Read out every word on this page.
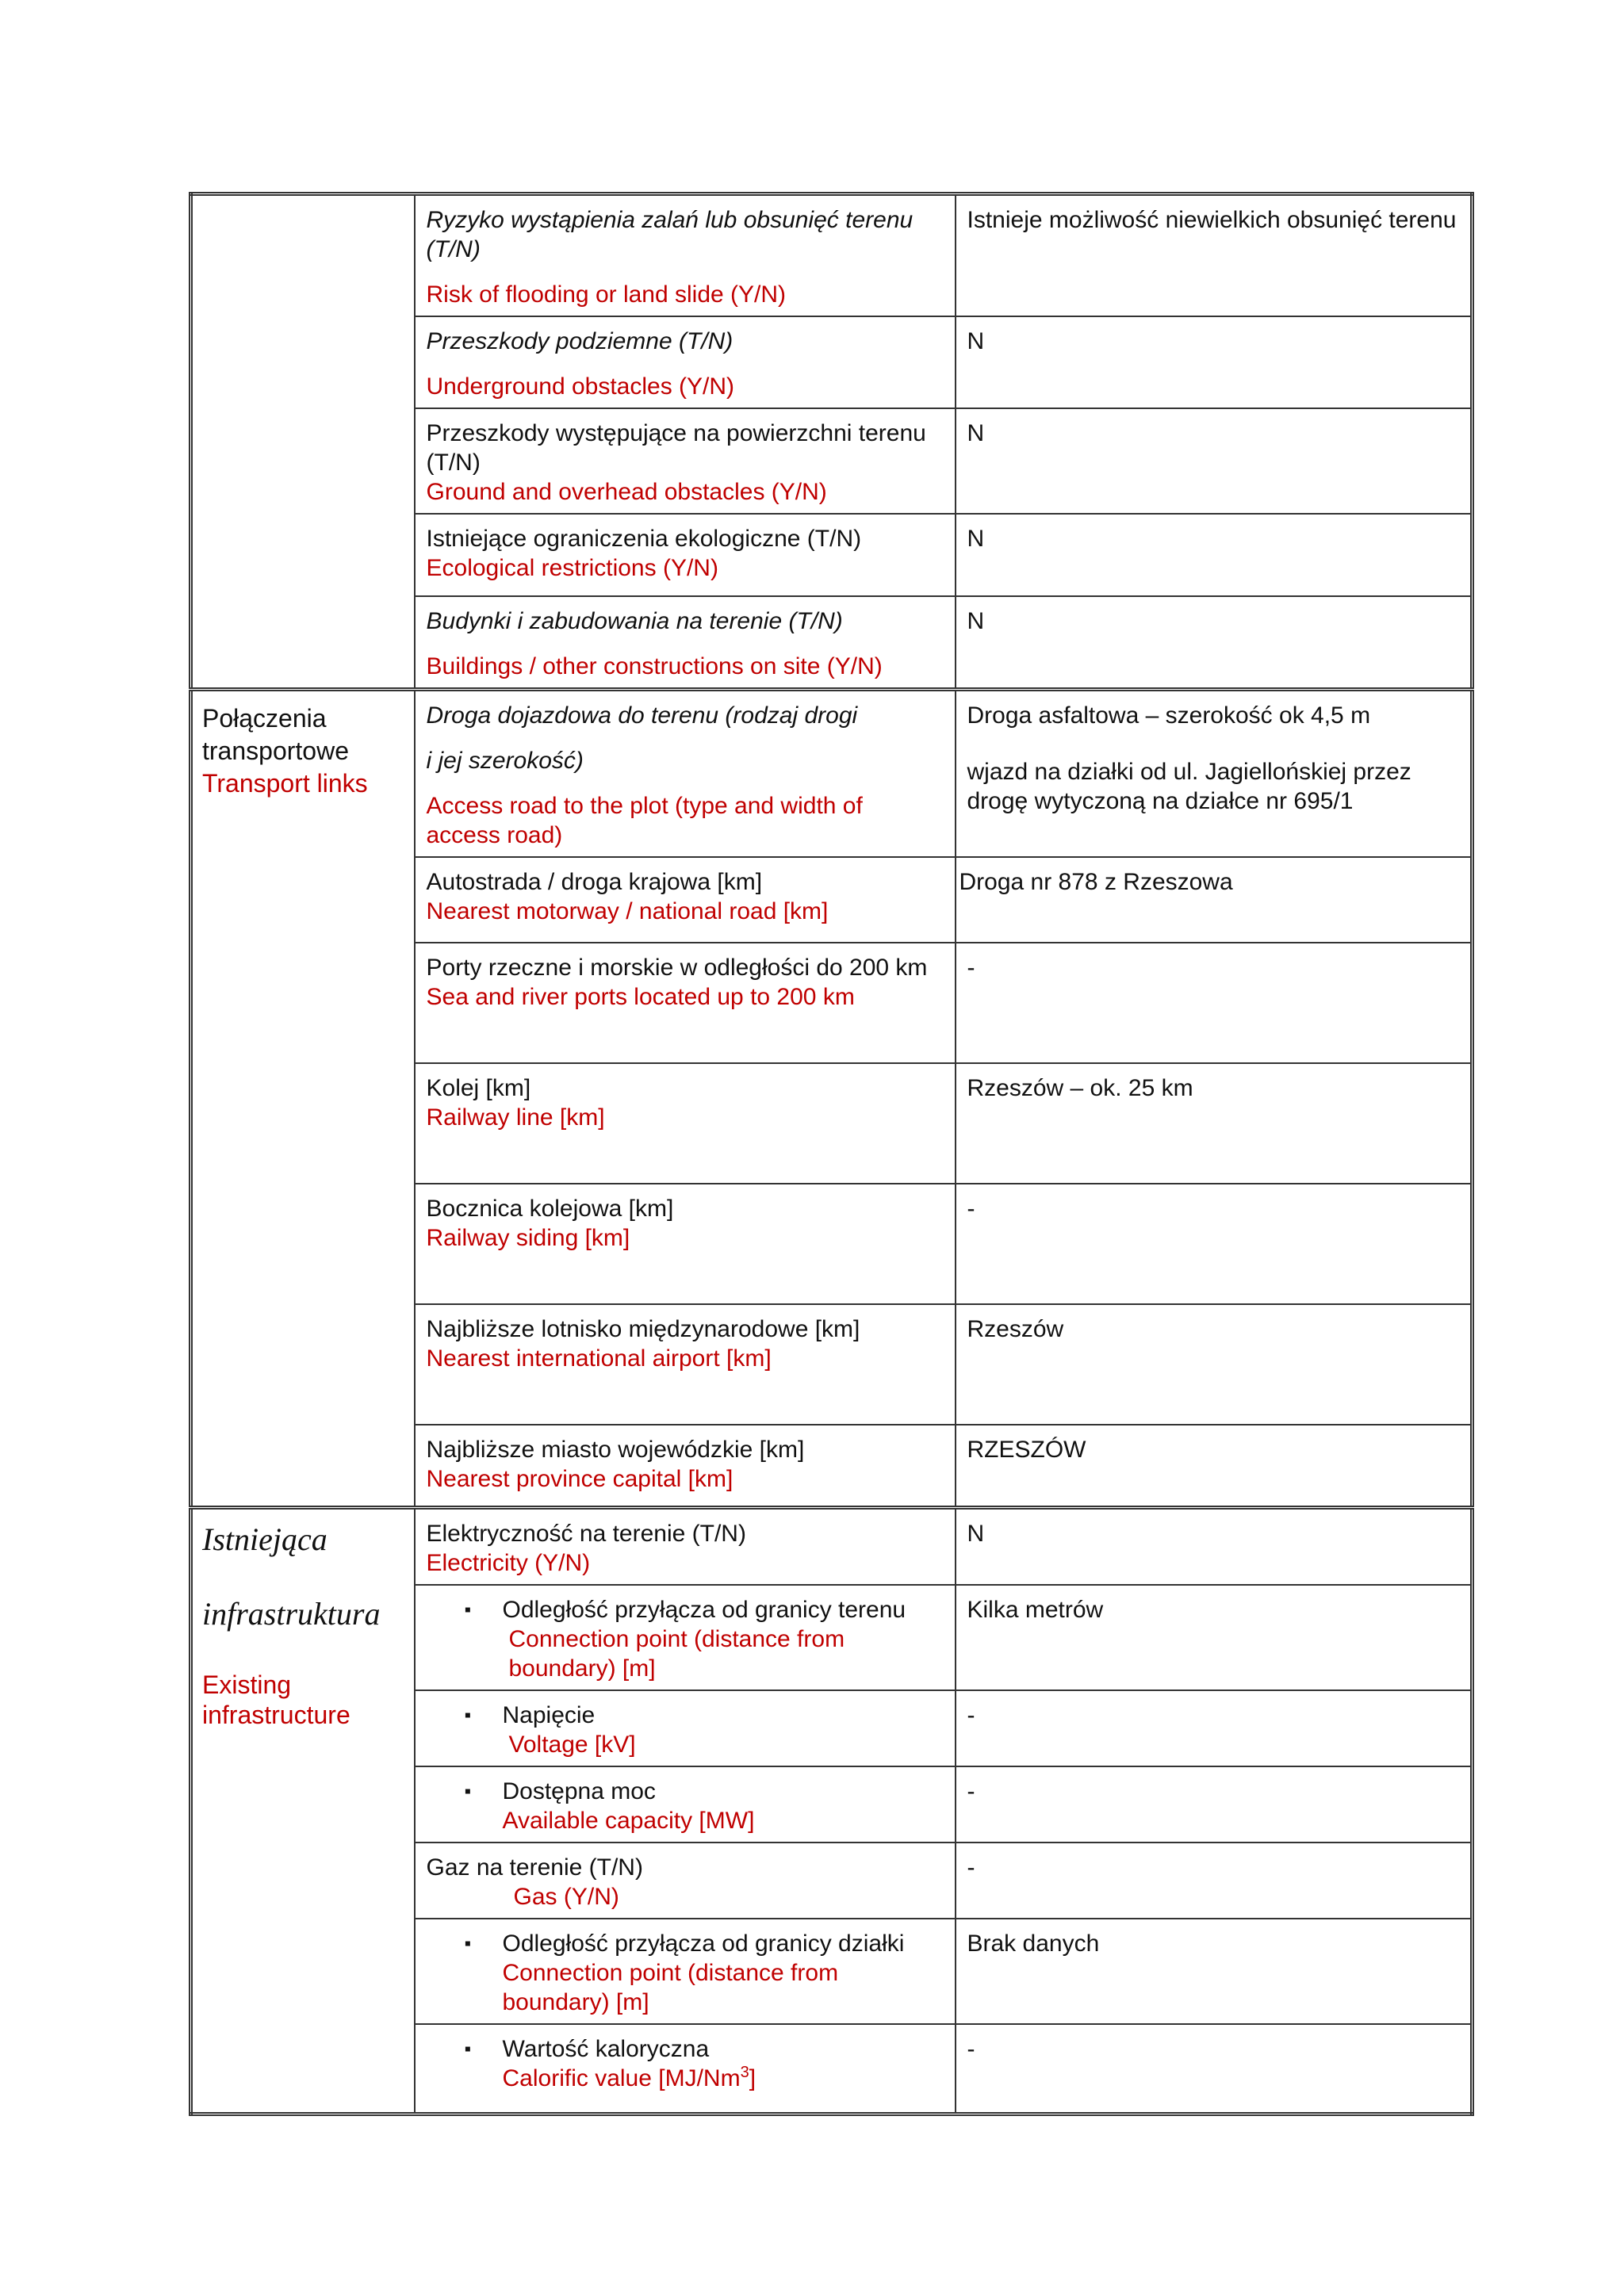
	Ryzyko wystąpienia zalań lub obsunięć terenu (T/N)
Risk of flooding or land slide (Y/N)	Istnieje możliwość niewielkich obsunięć terenu

	Przeszkody podziemne (T/N)
Underground obstacles (Y/N)	N

	Przeszkody występujące na powierzchni terenu (T/N)
Ground and overhead obstacles (Y/N)	N

	Istniejące ograniczenia ekologiczne (T/N)
Ecological restrictions (Y/N)	N

	Budynki i zabudowania na terenie (T/N)
Buildings / other constructions on site (Y/N)	N

Połączenia transportowe
Transport links	Droga dojazdowa do terenu (rodzaj drogi
i jej szerokość)
Access road to the plot (type and width of access road)	Droga asfaltowa – szerokość ok 4,5 m
wjazd na działki od ul. Jagiellońskiej przez drogę wytyczoną na działce nr 695/1

	Autostrada / droga krajowa [km]
Nearest motorway / national road [km]	Droga nr 878 z Rzeszowa

	Porty rzeczne i morskie w odległości do 200 km
Sea and river ports located up to 200 km	-

	Kolej [km]
Railway line [km]	Rzeszów – ok. 25 km

	Bocznica kolejowa [km]
Railway siding [km]	-

	Najbliższe lotnisko międzynarodowe [km]
Nearest international airport [km]	Rzeszów

	Najbliższe miasto wojewódzkie [km]
Nearest province capital [km]	RZESZÓW

Istniejąca
infrastruktura
Existing infrastructure	Elektryczność na terenie (T/N)
Electricity (Y/N)	N

	▪ Odległość przyłącza od granicy terenu
Connection point (distance from boundary) [m]	Kilka metrów

	▪ Napięcie
Voltage [kV]	-

	▪ Dostępna moc
Available capacity [MW]	-

	Gaz na terenie (T/N)
Gas (Y/N)	-

	▪ Odległość przyłącza od granicy działki
Connection point (distance from boundary) [m]	Brak danych

	▪ Wartość kaloryczna
Calorific value [MJ/Nm$^3$]	-
